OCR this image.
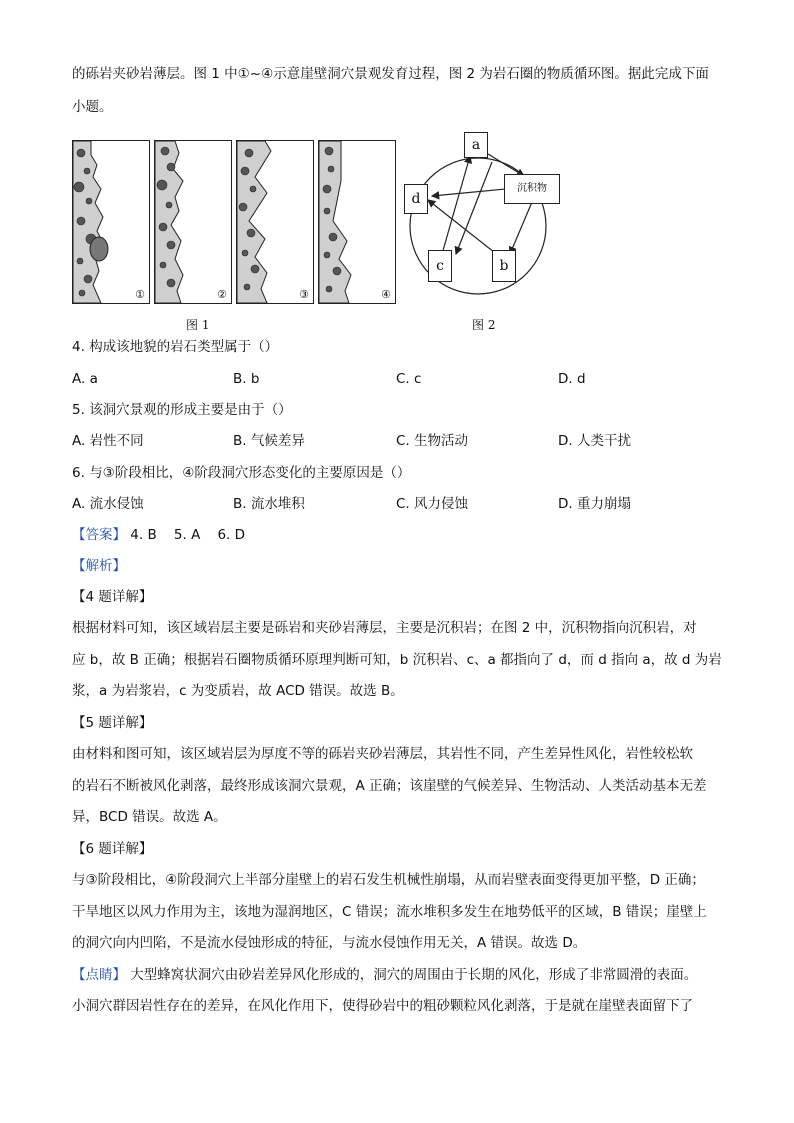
的砾岩夹砂岩薄层。图 1 中①~④示意崖壁洞穴景观发育过程，图 2 为岩石圈的物质循环图。据此完成下面
小题。
①	②	③	④
图 1
a
d
沉积物
c	b
图 2
4. 构成该地貌的岩石类型属于（）
A. a	B. b	C. c	D. d
5. 该洞穴景观的形成主要是由于（）
A. 岩性不同	B. 气候差异	C. 生物活动	D. 人类干扰
6. 与③阶段相比，④阶段洞穴形态变化的主要原因是（）
A. 流水侵蚀	B. 流水堆积	C. 风力侵蚀	D. 重力崩塌
【答案】 4. B    5. A    6. D
【解析】
【4 题详解】
根据材料可知，该区域岩层主要是砾岩和夹砂岩薄层，主要是沉积岩；在图 2 中，沉积物指向沉积岩，对
应 b，故 B 正确；根据岩石圈物质循环原理判断可知，b 沉积岩、c、a 都指向了 d，而 d 指向 a，故 d 为岩
浆，a 为岩浆岩，c 为变质岩，故 ACD 错误。故选 B。
【5 题详解】
由材料和图可知，该区域岩层为厚度不等的砾岩夹砂岩薄层，其岩性不同，产生差异性风化，岩性较松软
的岩石不断被风化剥落，最终形成该洞穴景观，A 正确；该崖壁的气候差异、生物活动、人类活动基本无差
异，BCD 错误。故选 A。
【6 题详解】
与③阶段相比，④阶段洞穴上半部分崖壁上的岩石发生机械性崩塌，从而岩壁表面变得更加平整，D 正确；
干旱地区以风力作用为主，该地为湿润地区，C 错误；流水堆积多发生在地势低平的区域，B 错误；崖壁上
的洞穴向内凹陷，不是流水侵蚀形成的特征，与流水侵蚀作用无关，A 错误。故选 D。
【点睛】 大型蜂窝状洞穴由砂岩差异风化形成的，洞穴的周围由于长期的风化，形成了非常圆滑的表面。
小洞穴群因岩性存在的差异，在风化作用下，使得砂岩中的粗砂颗粒风化剥落，于是就在崖壁表面留下了
